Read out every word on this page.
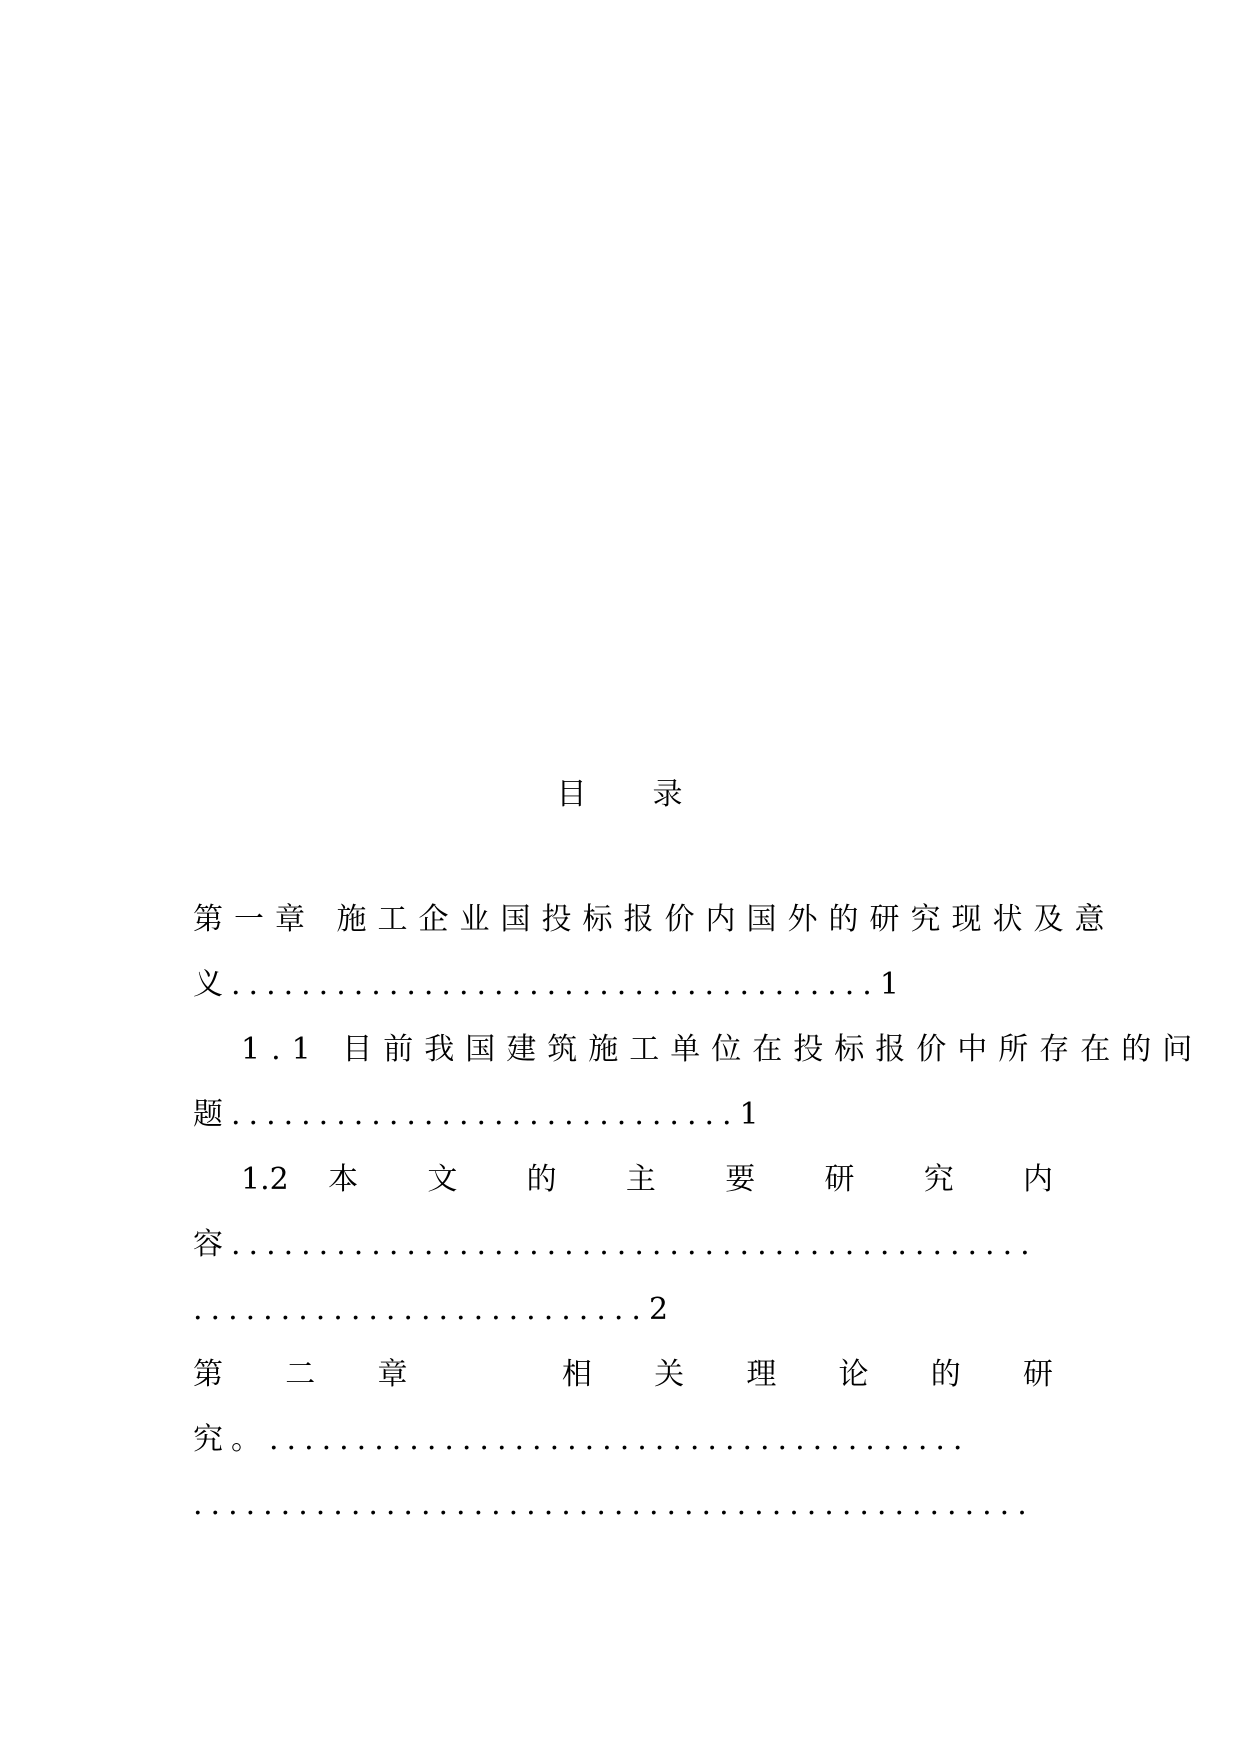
目　　录
第一章 施工企业国投标报价内国外的研究现状及意
义.....................................1
1.1 目前我国建筑施工单位在投标报价中所存在的问
题.............................1
1.2 本 文 的 主 要 研 究 内
容..............................................
..........................2
第 二 章 　 相 关 理 论 的 研
究。........................................
................................................
